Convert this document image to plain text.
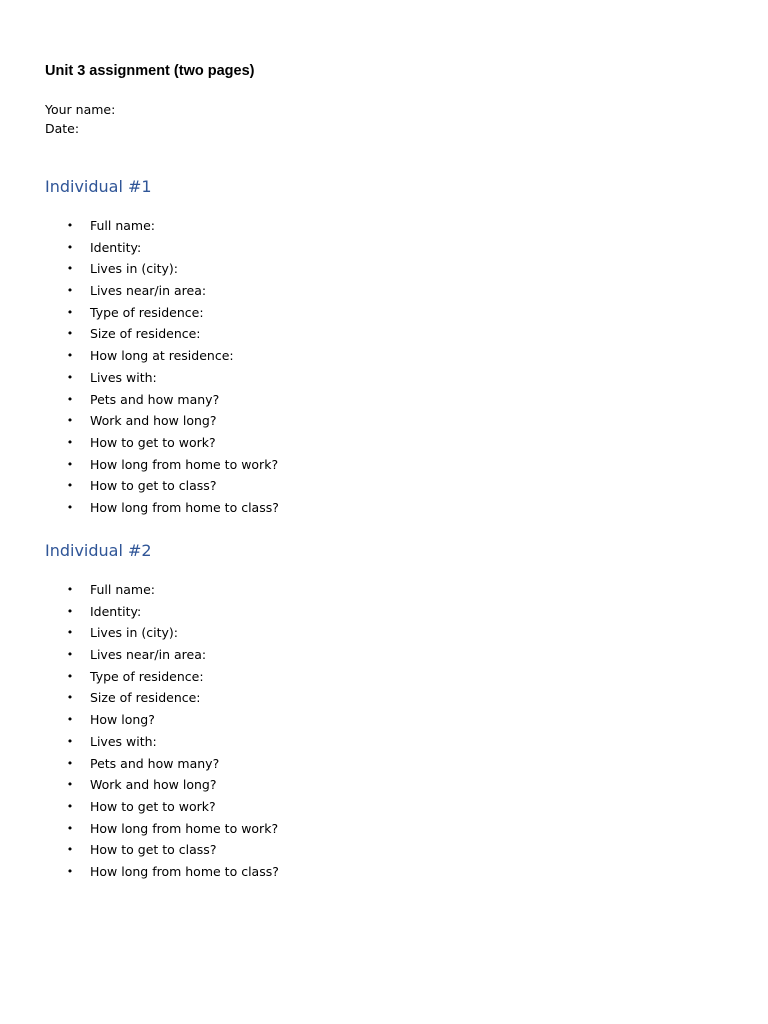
Unit 3 assignment (two pages)
Your name:
Date:
Individual #1
• Full name:
• Identity:
• Lives in (city):
• Lives near/in area:
• Type of residence:
• Size of residence:
• How long at residence:
• Lives with:
• Pets and how many?
• Work and how long?
• How to get to work?
• How long from home to work?
• How to get to class?
• How long from home to class?
Individual #2
• Full name:
• Identity:
• Lives in (city):
• Lives near/in area:
• Type of residence:
• Size of residence:
• How long?
• Lives with:
• Pets and how many?
• Work and how long?
• How to get to work?
• How long from home to work?
• How to get to class?
• How long from home to class?
